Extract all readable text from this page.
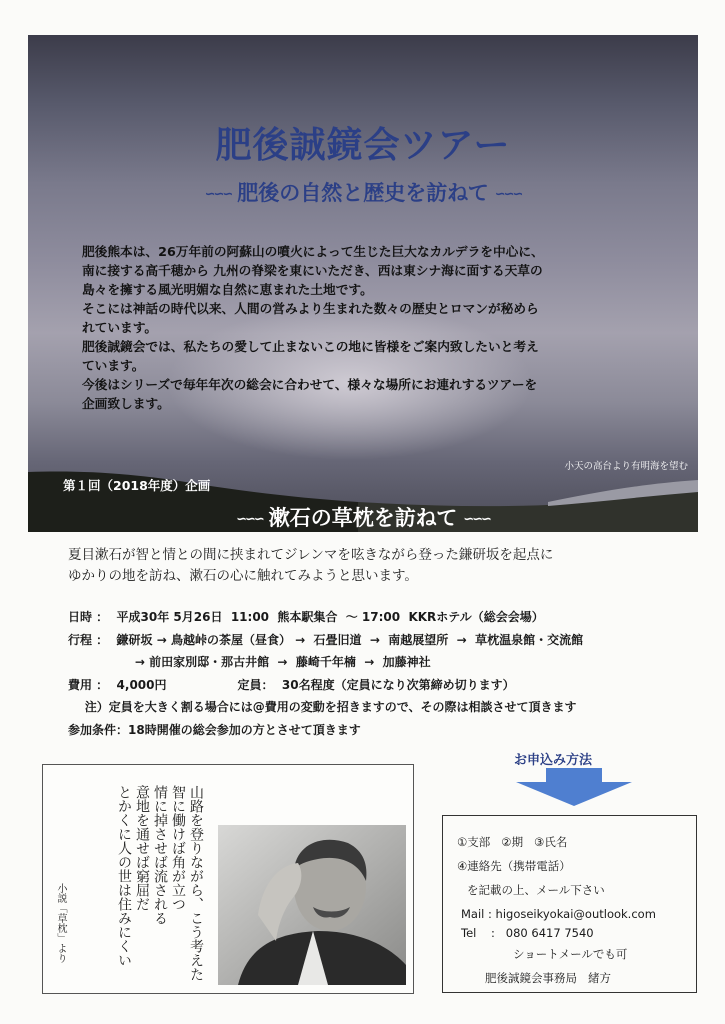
肥後誠鏡会ツアー
∽∽∽ 肥後の自然と歴史を訪ねて ∽∽∽

肥後熊本は、26万年前の阿蘇山の噴火によって生じた巨大なカルデラを中心に、

南に接する高千穂から 九州の脊梁を東にいただき、西は東シナ海に面する天草の

島々を擁する風光明媚な自然に恵まれた土地です。

そこには神話の時代以来、人間の営みより生まれた数々の歴史とロマンが秘めら

れています。

肥後誠鏡会では、私たちの愛して止まないこの地に皆様をご案内致したいと考え

ています。

今後はシリーズで毎年年次の総会に合わせて、様々な場所にお連れするツアーを

企画致します。

小天の高台より有明海を望む
第１回（2018年度）企画
∽∽∽ 漱石の草枕を訪ねて ∽∽∽

夏目漱石が智と情との間に挟まれてジレンマを呟きながら登った鎌研坂を起点に

ゆかりの地を訪ね、漱石の心に触れてみようと思います。

日時 ：  平成30年 5月26日  11:00  熊本駅集合  ～ 17:00  KKRホテル（総会会場）
行程 ：  鎌研坂 → 鳥越峠の茶屋（昼食） →  石畳旧道  →  南越展望所  →  草枕温泉館・交流館
→ 前田家別邸・那古井館  →  藤崎千年楠  →  加藤神社
費用 ：  4,000円                 定員：  30名程度（定員になり次第締め切ります）
注）定員を大きく割る場合には@費用の変動を招きますので、その際は相談させて頂きます
参加条件：18時開催の総会参加の方とさせて頂きます
お申込み方法
①支部   ②期   ③氏名
④連絡先（携帯電話）
を記載の上、メール下さい
Mail : higoseikyokai@outlook.com
Tel    :   080 6417 7540
ショートメールでも可
肥後誠鏡会事務局   緒方
山路を登りながら、こう考えた
智に働けば角が立つ
情に掉させば流される
意地を通せば窮屈だ
とかくに人の世は住みにくい
小説「草枕」より
